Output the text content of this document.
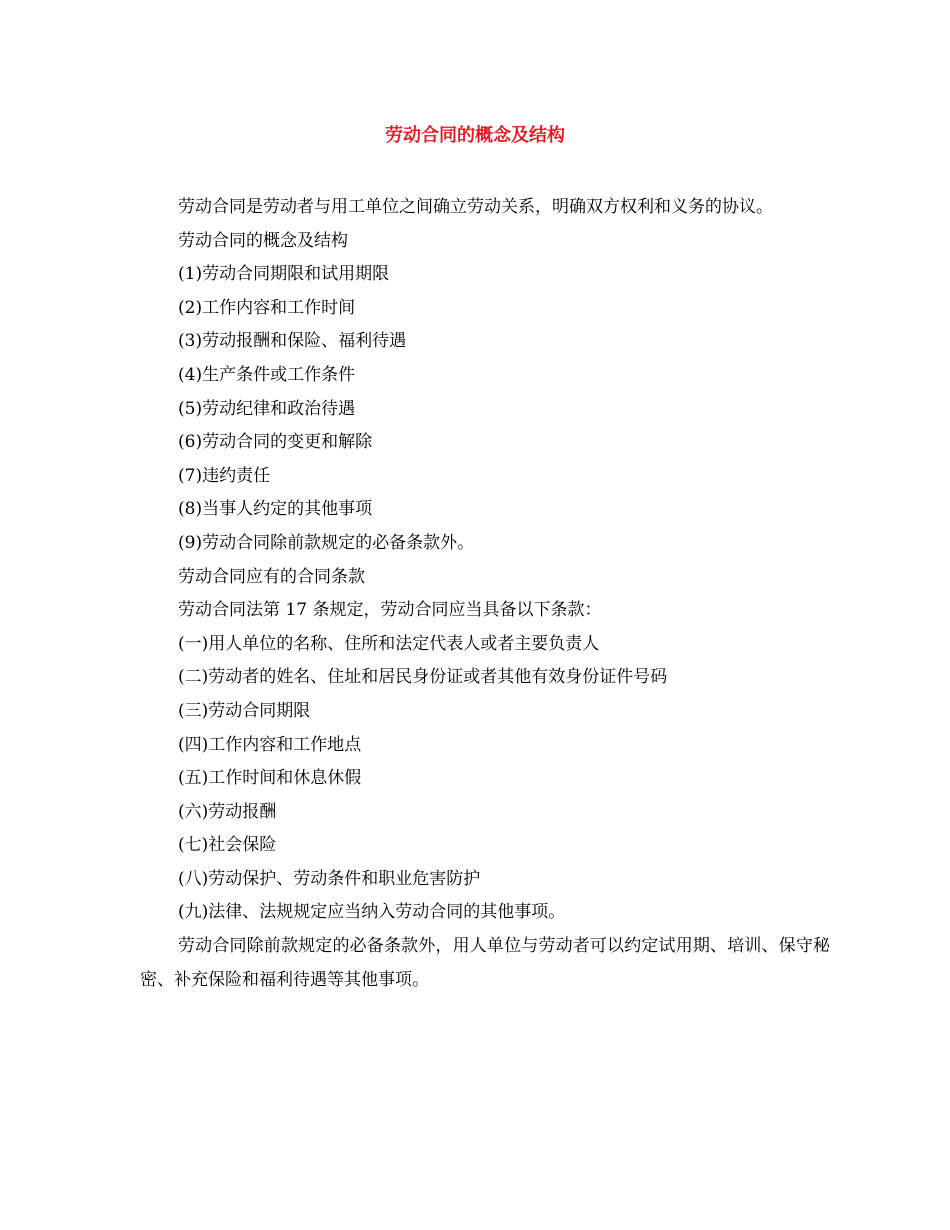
劳动合同的概念及结构

劳动合同是劳动者与用工单位之间确立劳动关系，明确双方权利和义务的协议。

劳动合同的概念及结构

(1)劳动合同期限和试用期限

(2)工作内容和工作时间

(3)劳动报酬和保险、福利待遇

(4)生产条件或工作条件

(5)劳动纪律和政治待遇

(6)劳动合同的变更和解除

(7)违约责任

(8)当事人约定的其他事项

(9)劳动合同除前款规定的必备条款外。

劳动合同应有的合同条款

劳动合同法第 17 条规定，劳动合同应当具备以下条款：

(一)用人单位的名称、住所和法定代表人或者主要负责人

(二)劳动者的姓名、住址和居民身份证或者其他有效身份证件号码

(三)劳动合同期限

(四)工作内容和工作地点

(五)工作时间和休息休假

(六)劳动报酬

(七)社会保险

(八)劳动保护、劳动条件和职业危害防护

(九)法律、法规规定应当纳入劳动合同的其他事项。

劳动合同除前款规定的必备条款外，用人单位与劳动者可以约定试用期、培训、保守秘密、补充保险和福利待遇等其他事项。
